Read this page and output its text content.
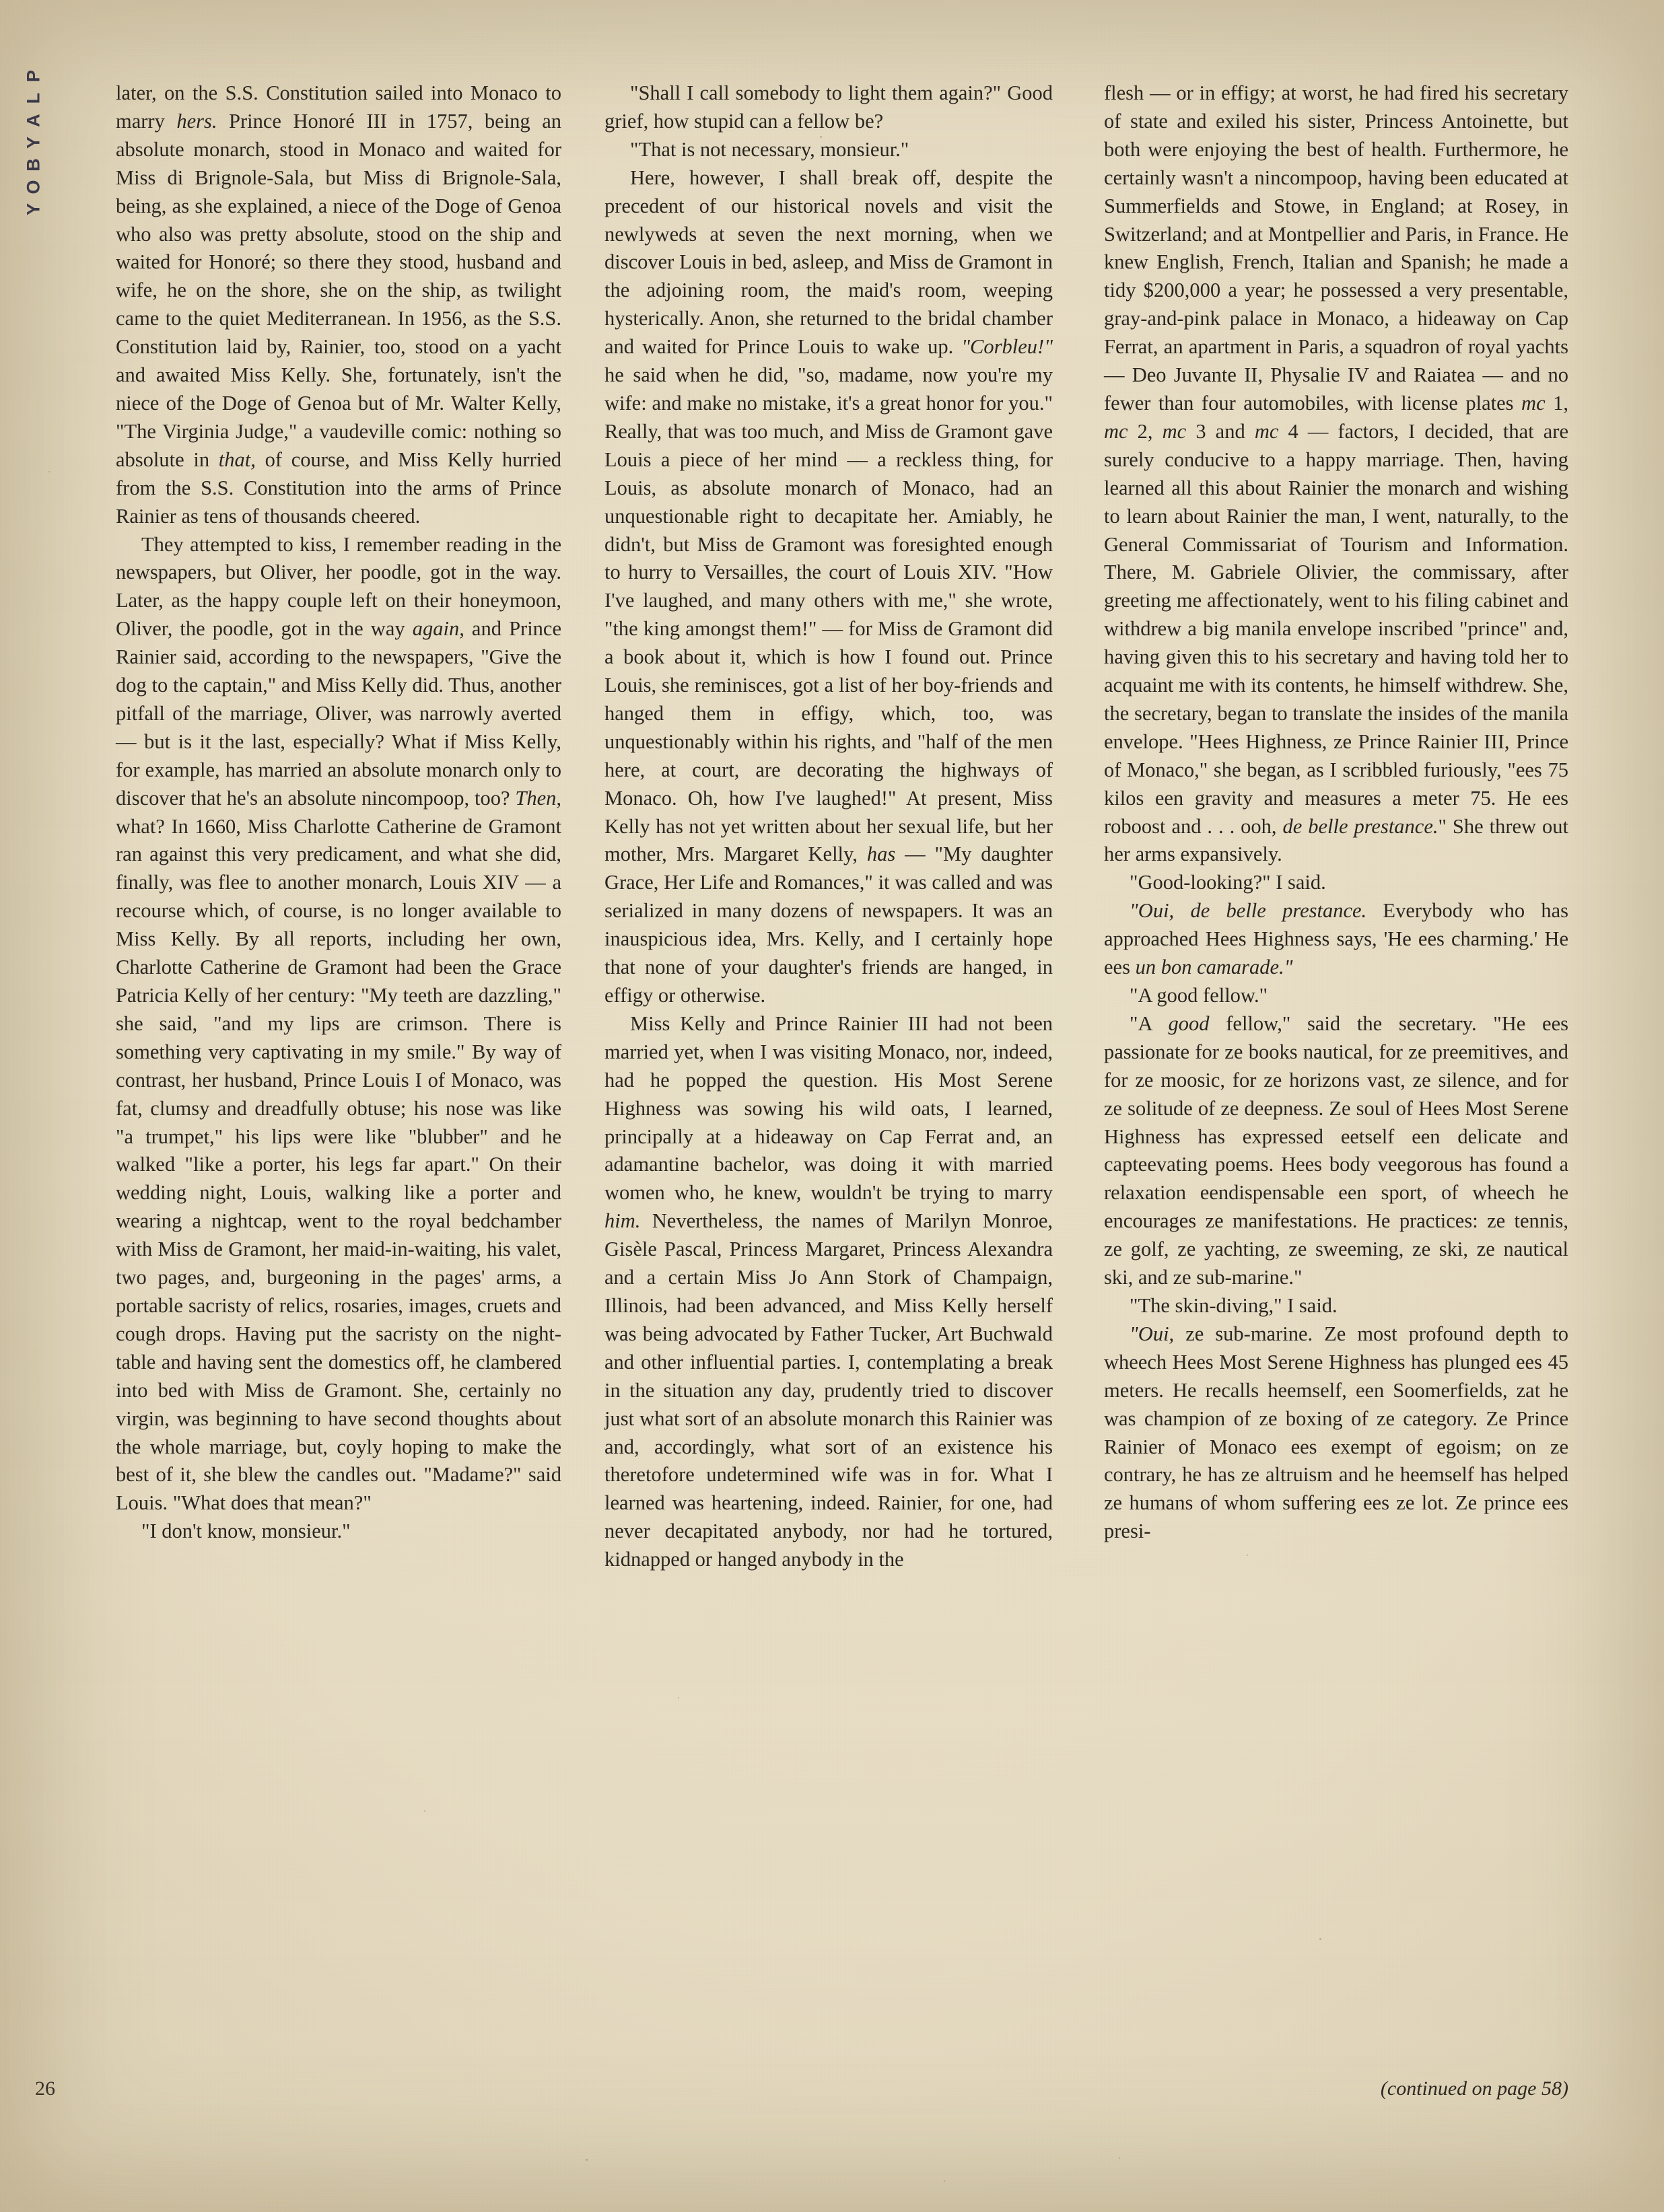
P
L
A
Y
B
O
Y

later, on the S.S. Constitution sailed into Monaco to marry hers. Prince Honoré III in 1757, being an absolute monarch, stood in Monaco and waited for Miss di Brignole-Sala, but Miss di Brignole-Sala, being, as she explained, a niece of the Doge of Genoa who also was pretty absolute, stood on the ship and waited for Honoré; so there they stood, husband and wife, he on the shore, she on the ship, as twilight came to the quiet Mediterranean. In 1956, as the S.S. Constitution laid by, Rainier, too, stood on a yacht and awaited Miss Kelly. She, fortunately, isn't the niece of the Doge of Genoa but of Mr. Walter Kelly, "The Virginia Judge," a vaudeville comic: nothing so absolute in that, of course, and Miss Kelly hurried from the S.S. Constitution into the arms of Prince Rainier as tens of thousands cheered.

They attempted to kiss, I remember reading in the newspapers, but Oliver, her poodle, got in the way. Later, as the happy couple left on their honeymoon, Oliver, the poodle, got in the way again, and Prince Rainier said, according to the newspapers, "Give the dog to the captain," and Miss Kelly did. Thus, another pitfall of the marriage, Oliver, was narrowly averted — but is it the last, especially? What if Miss Kelly, for example, has married an absolute monarch only to discover that he's an absolute nincompoop, too? Then, what? In 1660, Miss Charlotte Catherine de Gramont ran against this very predicament, and what she did, finally, was flee to another monarch, Louis XIV — a recourse which, of course, is no longer available to Miss Kelly. By all reports, including her own, Charlotte Catherine de Gramont had been the Grace Patricia Kelly of her century: "My teeth are dazzling," she said, "and my lips are crimson. There is something very captivating in my smile." By way of contrast, her husband, Prince Louis I of Monaco, was fat, clumsy and dreadfully obtuse; his nose was like "a trumpet," his lips were like "blubber" and he walked "like a porter, his legs far apart." On their wedding night, Louis, walking like a porter and wearing a nightcap, went to the royal bedchamber with Miss de Gramont, her maid-in-waiting, his valet, two pages, and, burgeoning in the pages' arms, a portable sacristy of relics, rosaries, images, cruets and cough drops. Having put the sacristy on the night-table and having sent the domestics off, he clambered into bed with Miss de Gramont. She, certainly no virgin, was beginning to have second thoughts about the whole marriage, but, coyly hoping to make the best of it, she blew the candles out. "Madame?" said Louis. "What does that mean?"

"I don't know, monsieur."

"Shall I call somebody to light them again?" Good grief, how stupid can a fellow be?

"That is not necessary, monsieur."

Here, however, I shall break off, despite the precedent of our historical novels and visit the newlyweds at seven the next morning, when we discover Louis in bed, asleep, and Miss de Gramont in the adjoining room, the maid's room, weeping hysterically. Anon, she returned to the bridal chamber and waited for Prince Louis to wake up. "Corbleu!" he said when he did, "so, madame, now you're my wife: and make no mistake, it's a great honor for you." Really, that was too much, and Miss de Gramont gave Louis a piece of her mind — a reckless thing, for Louis, as absolute monarch of Monaco, had an unquestionable right to decapitate her. Amiably, he didn't, but Miss de Gramont was foresighted enough to hurry to Versailles, the court of Louis XIV. "How I've laughed, and many others with me," she wrote, "the king amongst them!" — for Miss de Gramont did a book about it, which is how I found out. Prince Louis, she reminisces, got a list of her boy-friends and hanged them in effigy, which, too, was unquestionably within his rights, and "half of the men here, at court, are decorating the highways of Monaco. Oh, how I've laughed!" At present, Miss Kelly has not yet written about her sexual life, but her mother, Mrs. Margaret Kelly, has — "My daughter Grace, Her Life and Romances," it was called and was serialized in many dozens of newspapers. It was an inauspicious idea, Mrs. Kelly, and I certainly hope that none of your daughter's friends are hanged, in effigy or otherwise.

Miss Kelly and Prince Rainier III had not been married yet, when I was visiting Monaco, nor, indeed, had he popped the question. His Most Serene Highness was sowing his wild oats, I learned, principally at a hideaway on Cap Ferrat and, an adamantine bachelor, was doing it with married women who, he knew, wouldn't be trying to marry him. Nevertheless, the names of Marilyn Monroe, Gisèle Pascal, Princess Margaret, Princess Alexandra and a certain Miss Jo Ann Stork of Champaign, Illinois, had been advanced, and Miss Kelly herself was being advocated by Father Tucker, Art Buchwald and other influential parties. I, contemplating a break in the situation any day, prudently tried to discover just what sort of an absolute monarch this Rainier was and, accordingly, what sort of an existence his theretofore undetermined wife was in for. What I learned was heartening, indeed. Rainier, for one, had never decapitated anybody, nor had he tortured, kidnapped or hanged anybody in the

flesh — or in effigy; at worst, he had fired his secretary of state and exiled his sister, Princess Antoinette, but both were enjoying the best of health. Furthermore, he certainly wasn't a nincompoop, having been educated at Summerfields and Stowe, in England; at Rosey, in Switzerland; and at Montpellier and Paris, in France. He knew English, French, Italian and Spanish; he made a tidy $200,000 a year; he possessed a very presentable, gray-and-pink palace in Monaco, a hideaway on Cap Ferrat, an apartment in Paris, a squadron of royal yachts — Deo Juvante II, Physalie IV and Raiatea — and no fewer than four automobiles, with license plates mc 1, mc 2, mc 3 and mc 4 — factors, I decided, that are surely conducive to a happy marriage. Then, having learned all this about Rainier the monarch and wishing to learn about Rainier the man, I went, naturally, to the General Commissariat of Tourism and Information. There, M. Gabriele Olivier, the commissary, after greeting me affectionately, went to his filing cabinet and withdrew a big manila envelope inscribed "prince" and, having given this to his secretary and having told her to acquaint me with its contents, he himself withdrew. She, the secretary, began to translate the insides of the manila envelope. "Hees Highness, ze Prince Rainier III, Prince of Monaco," she began, as I scribbled furiously, "ees 75 kilos een gravity and measures a meter 75. He ees roboost and . . . ooh, de belle prestance." She threw out her arms expansively.

"Good-looking?" I said.

"Oui, de belle prestance. Everybody who has approached Hees Highness says, 'He ees charming.' He ees un bon camarade."

"A good fellow."

"A good fellow," said the secretary. "He ees passionate for ze books nautical, for ze preemitives, and for ze moosic, for ze horizons vast, ze silence, and for ze solitude of ze deepness. Ze soul of Hees Most Serene Highness has expressed eetself een delicate and capteevating poems. Hees body veegorous has found a relaxation eendispensable een sport, of wheech he encourages ze manifestations. He practices: ze tennis, ze golf, ze yachting, ze sweeming, ze ski, ze nautical ski, and ze sub-marine."

"The skin-diving," I said.

"Oui, ze sub-marine. Ze most profound depth to wheech Hees Most Serene Highness has plunged ees 45 meters. He recalls heemself, een Soomerfields, zat he was champion of ze boxing of ze category. Ze Prince Rainier of Monaco ees exempt of egoism; on ze contrary, he has ze altruism and he heemself has helped ze humans of whom suffering ees ze lot. Ze prince ees presi-

26	(continued on page 58)
